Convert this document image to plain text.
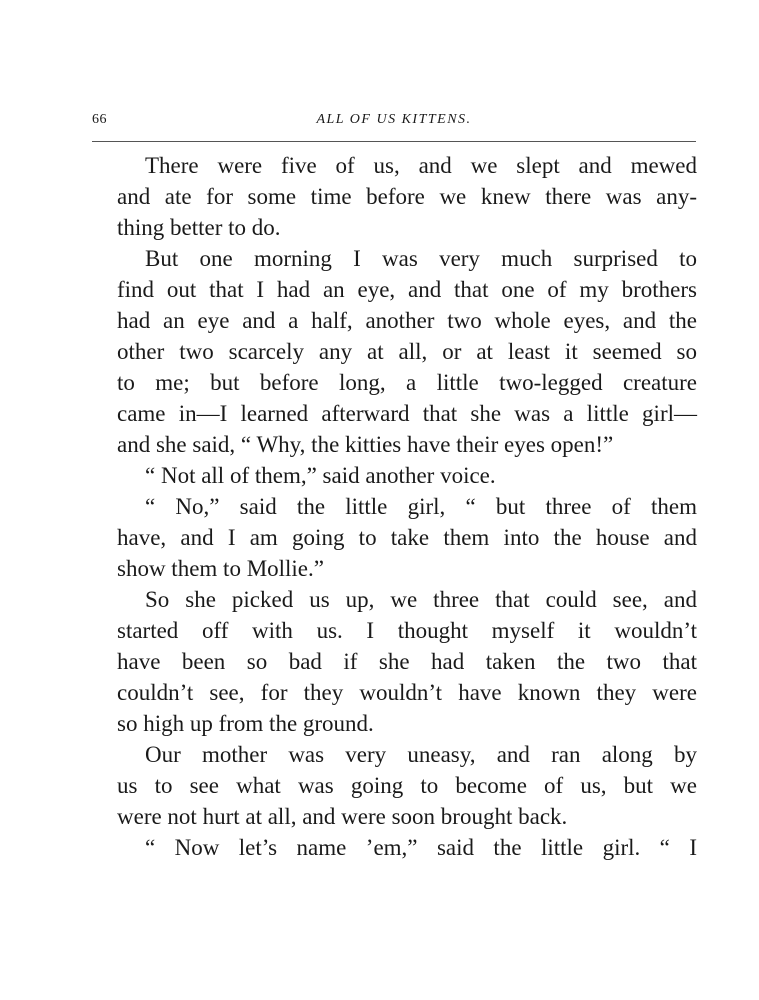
66	ALL OF US KITTENS.
There were five of us, and we slept and mewed
and ate for some time before we knew there was any-
thing better to do.
But one morning I was very much surprised to
find out that I had an eye, and that one of my brothers
had an eye and a half, another two whole eyes, and the
other two scarcely any at all, or at least it seemed so
to me; but before long, a little two-legged creature
came in—I learned afterward that she was a little girl—
and she said, “ Why, the kitties have their eyes open!”
“ Not all of them,” said another voice.
“ No,” said the little girl, “ but three of them
have, and I am going to take them into the house and
show them to Mollie.”
So she picked us up, we three that could see, and
started off with us. I thought myself it wouldn’t
have been so bad if she had taken the two that
couldn’t see, for they wouldn’t have known they were
so high up from the ground.
Our mother was very uneasy, and ran along by
us to see what was going to become of us, but we
were not hurt at all, and were soon brought back.
“ Now let’s name ’em,” said the little girl. “ I
